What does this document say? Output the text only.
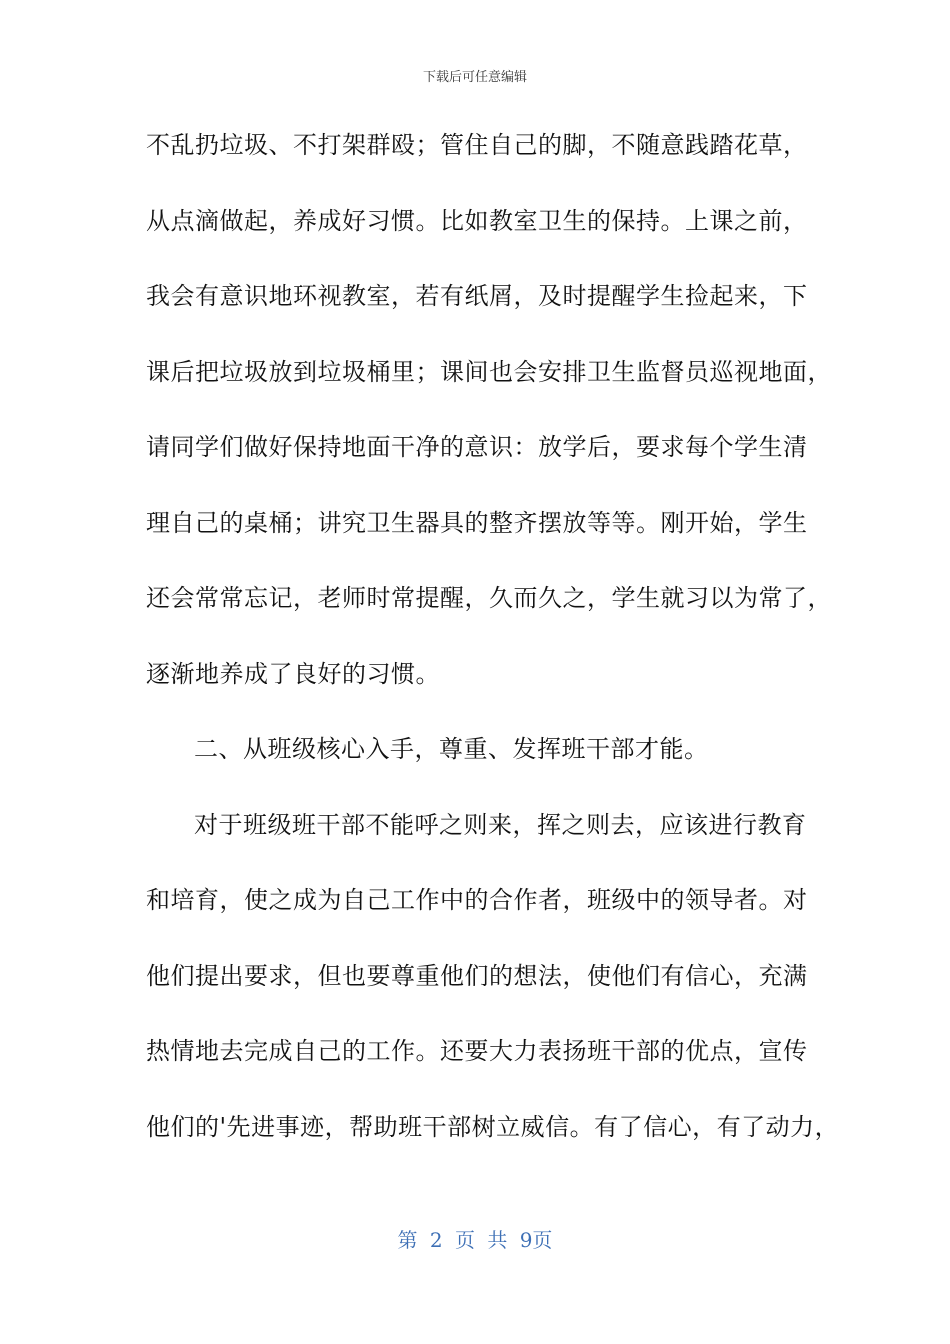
下载后可任意编辑
不乱扔垃圾、不打架群殴；管住自己的脚，不随意践踏花草，
从点滴做起，养成好习惯。比如教室卫生的保持。上课之前，
我会有意识地环视教室，若有纸屑，及时提醒学生捡起来，下
课后把垃圾放到垃圾桶里；课间也会安排卫生监督员巡视地面，
请同学们做好保持地面干净的意识：放学后，要求每个学生清
理自己的桌桶；讲究卫生器具的整齐摆放等等。刚开始，学生
还会常常忘记，老师时常提醒，久而久之，学生就习以为常了，
逐渐地养成了良好的习惯。
二、从班级核心入手，尊重、发挥班干部才能。
对于班级班干部不能呼之则来，挥之则去，应该进行教育
和培育，使之成为自己工作中的合作者，班级中的领导者。对
他们提出要求，但也要尊重他们的想法，使他们有信心，充满
热情地去完成自己的工作。还要大力表扬班干部的优点，宣传
他们的'先进事迹，帮助班干部树立威信。有了信心，有了动力，
第 2 页 共 9页
